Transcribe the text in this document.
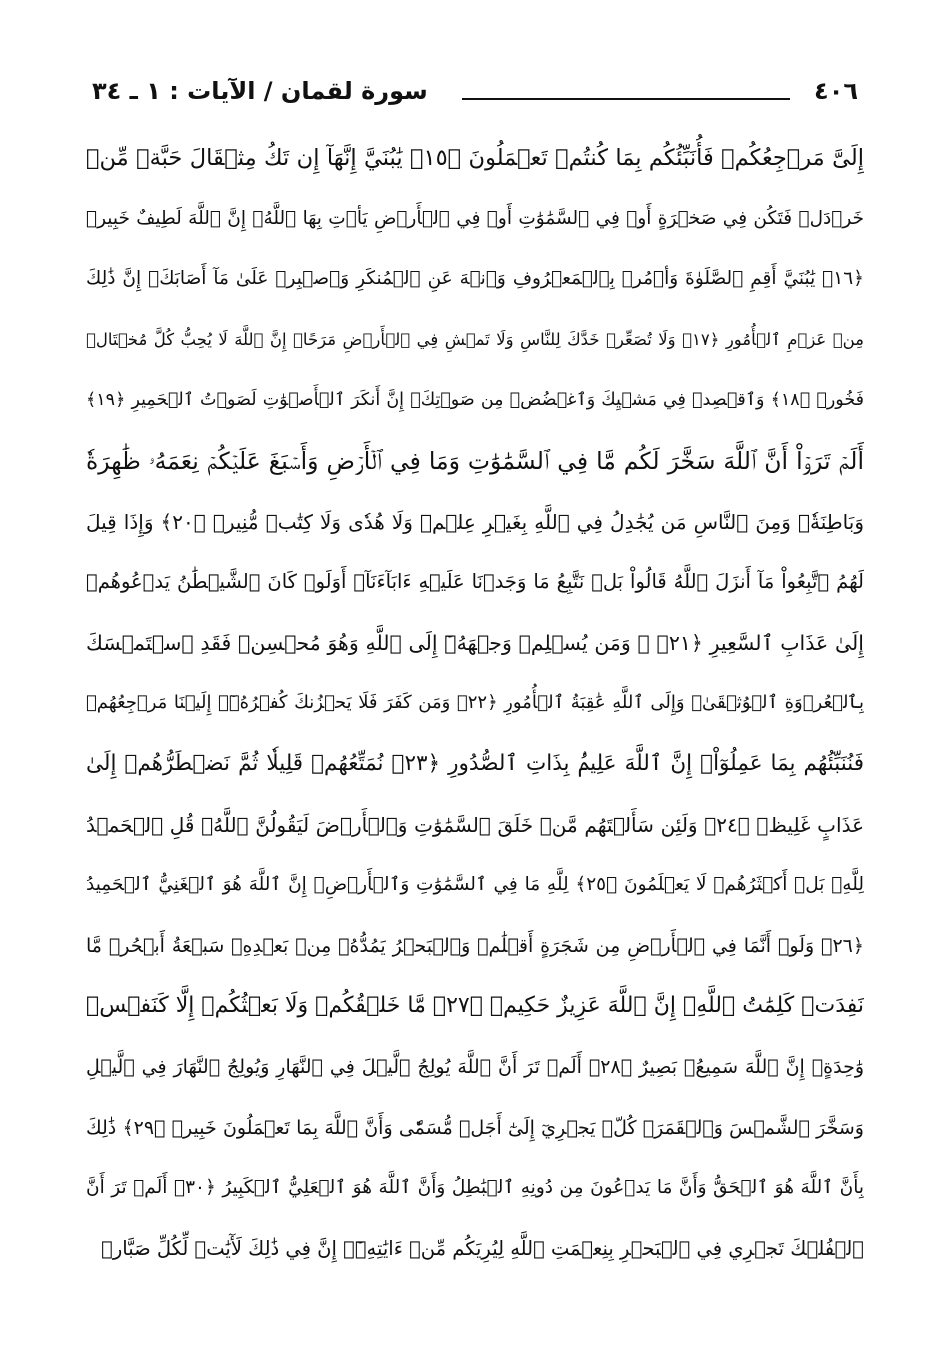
٤٠٦
سورة لقمان / الآيات : ١ ـ ٣٤
إِلَىَّ مَرۡجِعُكُمۡ فَأُنَبِّئُكُم بِمَا كُنتُمۡ تَعۡمَلُونَ ﴿١٥﴾ يَٰبُنَيَّ إِنَّهَآ إِن تَكُ مِثۡقَالَ حَبَّةٖ مِّنۡ
خَرۡدَلٖ فَتَكُن فِي صَخۡرَةٍ أَوۡ فِي ٱلسَّمَٰوَٰتِ أَوۡ فِي ٱلۡأَرۡضِ يَأۡتِ بِهَا ٱللَّهُۚ إِنَّ ٱللَّهَ لَطِيفٌ خَبِيرٞ
﴿١٦﴾ يَٰبُنَيَّ أَقِمِ ٱلصَّلَوٰةَ وَأۡمُرۡ بِٱلۡمَعۡرُوفِ وَٱنۡهَ عَنِ ٱلۡمُنكَرِ وَٱصۡبِرۡ عَلَىٰ مَآ أَصَابَكَۖ إِنَّ ذَٰلِكَ
مِنۡ عَزۡمِ ٱلۡأُمُورِ ﴿١٧﴾ وَلَا تُصَعِّرۡ خَدَّكَ لِلنَّاسِ وَلَا تَمۡشِ فِي ٱلۡأَرۡضِ مَرَحًاۖ إِنَّ ٱللَّهَ لَا يُحِبُّ كُلَّ مُخۡتَالٖ
فَخُورٖ ﴿١٨﴾ وَٱقۡصِدۡ فِي مَشۡيِكَ وَٱغۡضُضۡ مِن صَوۡتِكَۚ إِنَّ أَنكَرَ ٱلۡأَصۡوَٰتِ لَصَوۡتُ ٱلۡحَمِيرِ ﴿١٩﴾
أَلَمۡ تَرَوۡاْ أَنَّ ٱللَّهَ سَخَّرَ لَكُم مَّا فِي ٱلسَّمَٰوَٰتِ وَمَا فِي ٱلۡأَرۡضِ وَأَسۡبَغَ عَلَيۡكُمۡ نِعَمَهُۥ ظَٰهِرَةٗ
وَبَاطِنَةٗۗ وَمِنَ ٱلنَّاسِ مَن يُجَٰدِلُ فِي ٱللَّهِ بِغَيۡرِ عِلۡمٖ وَلَا هُدٗى وَلَا كِتَٰبٖ مُّنِيرٖ ﴿٢٠﴾ وَإِذَا قِيلَ
لَهُمُ ٱتَّبِعُواْ مَآ أَنزَلَ ٱللَّهُ قَالُواْ بَلۡ نَتَّبِعُ مَا وَجَدۡنَا عَلَيۡهِ ءَابَآءَنَآۚ أَوَلَوۡ كَانَ ٱلشَّيۡطَٰنُ يَدۡعُوهُمۡ
إِلَىٰ عَذَابِ ٱلسَّعِيرِ ﴿٢١﴾ ۞ وَمَن يُسۡلِمۡ وَجۡهَهُۥٓ إِلَى ٱللَّهِ وَهُوَ مُحۡسِنٞ فَقَدِ ٱسۡتَمۡسَكَ
بِٱلۡعُرۡوَةِ ٱلۡوُثۡقَىٰۗ وَإِلَى ٱللَّهِ عَٰقِبَةُ ٱلۡأُمُورِ ﴿٢٢﴾ وَمَن كَفَرَ فَلَا يَحۡزُنكَ كُفۡرُهُۥٓۚ إِلَيۡنَا مَرۡجِعُهُمۡ
فَنُنَبِّئُهُم بِمَا عَمِلُوٓاْۚ إِنَّ ٱللَّهَ عَلِيمُۢ بِذَاتِ ٱلصُّدُورِ ﴿٢٣﴾ نُمَتِّعُهُمۡ قَلِيلٗا ثُمَّ نَضۡطَرُّهُمۡ إِلَىٰ
عَذَابٍ غَلِيظٖ ﴿٢٤﴾ وَلَئِن سَأَلۡتَهُم مَّنۡ خَلَقَ ٱلسَّمَٰوَٰتِ وَٱلۡأَرۡضَ لَيَقُولُنَّ ٱللَّهُۚ قُلِ ٱلۡحَمۡدُ
لِلَّهِۚ بَلۡ أَكۡثَرُهُمۡ لَا يَعۡلَمُونَ ﴿٢٥﴾ لِلَّهِ مَا فِي ٱلسَّمَٰوَٰتِ وَٱلۡأَرۡضِۚ إِنَّ ٱللَّهَ هُوَ ٱلۡغَنِيُّ ٱلۡحَمِيدُ
﴿٢٦﴾ وَلَوۡ أَنَّمَا فِي ٱلۡأَرۡضِ مِن شَجَرَةٍ أَقۡلَٰمٞ وَٱلۡبَحۡرُ يَمُدُّهُۥ مِنۢ بَعۡدِهِۦ سَبۡعَةُ أَبۡحُرٖ مَّا
نَفِدَتۡ كَلِمَٰتُ ٱللَّهِۚ إِنَّ ٱللَّهَ عَزِيزٌ حَكِيمٞ ﴿٢٧﴾ مَّا خَلۡقُكُمۡ وَلَا بَعۡثُكُمۡ إِلَّا كَنَفۡسٖ
وَٰحِدَةٍۚ إِنَّ ٱللَّهَ سَمِيعُۢ بَصِيرٌ ﴿٢٨﴾ أَلَمۡ تَرَ أَنَّ ٱللَّهَ يُولِجُ ٱلَّيۡلَ فِي ٱلنَّهَارِ وَيُولِجُ ٱلنَّهَارَ فِي ٱلَّيۡلِ
وَسَخَّرَ ٱلشَّمۡسَ وَٱلۡقَمَرَۖ كُلّٞ يَجۡرِيٓ إِلَىٰٓ أَجَلٖ مُّسَمّٗى وَأَنَّ ٱللَّهَ بِمَا تَعۡمَلُونَ خَبِيرٞ ﴿٢٩﴾ ذَٰلِكَ
بِأَنَّ ٱللَّهَ هُوَ ٱلۡحَقُّ وَأَنَّ مَا يَدۡعُونَ مِن دُونِهِ ٱلۡبَٰطِلُ وَأَنَّ ٱللَّهَ هُوَ ٱلۡعَلِيُّ ٱلۡكَبِيرُ ﴿٣٠﴾ أَلَمۡ تَرَ أَنَّ
ٱلۡفُلۡكَ تَجۡرِي فِي ٱلۡبَحۡرِ بِنِعۡمَتِ ٱللَّهِ لِيُرِيَكُم مِّنۡ ءَايَٰتِهِۦٓۚ إِنَّ فِي ذَٰلِكَ لَأٓيَٰتٖ لِّكُلِّ صَبَّارٖ
